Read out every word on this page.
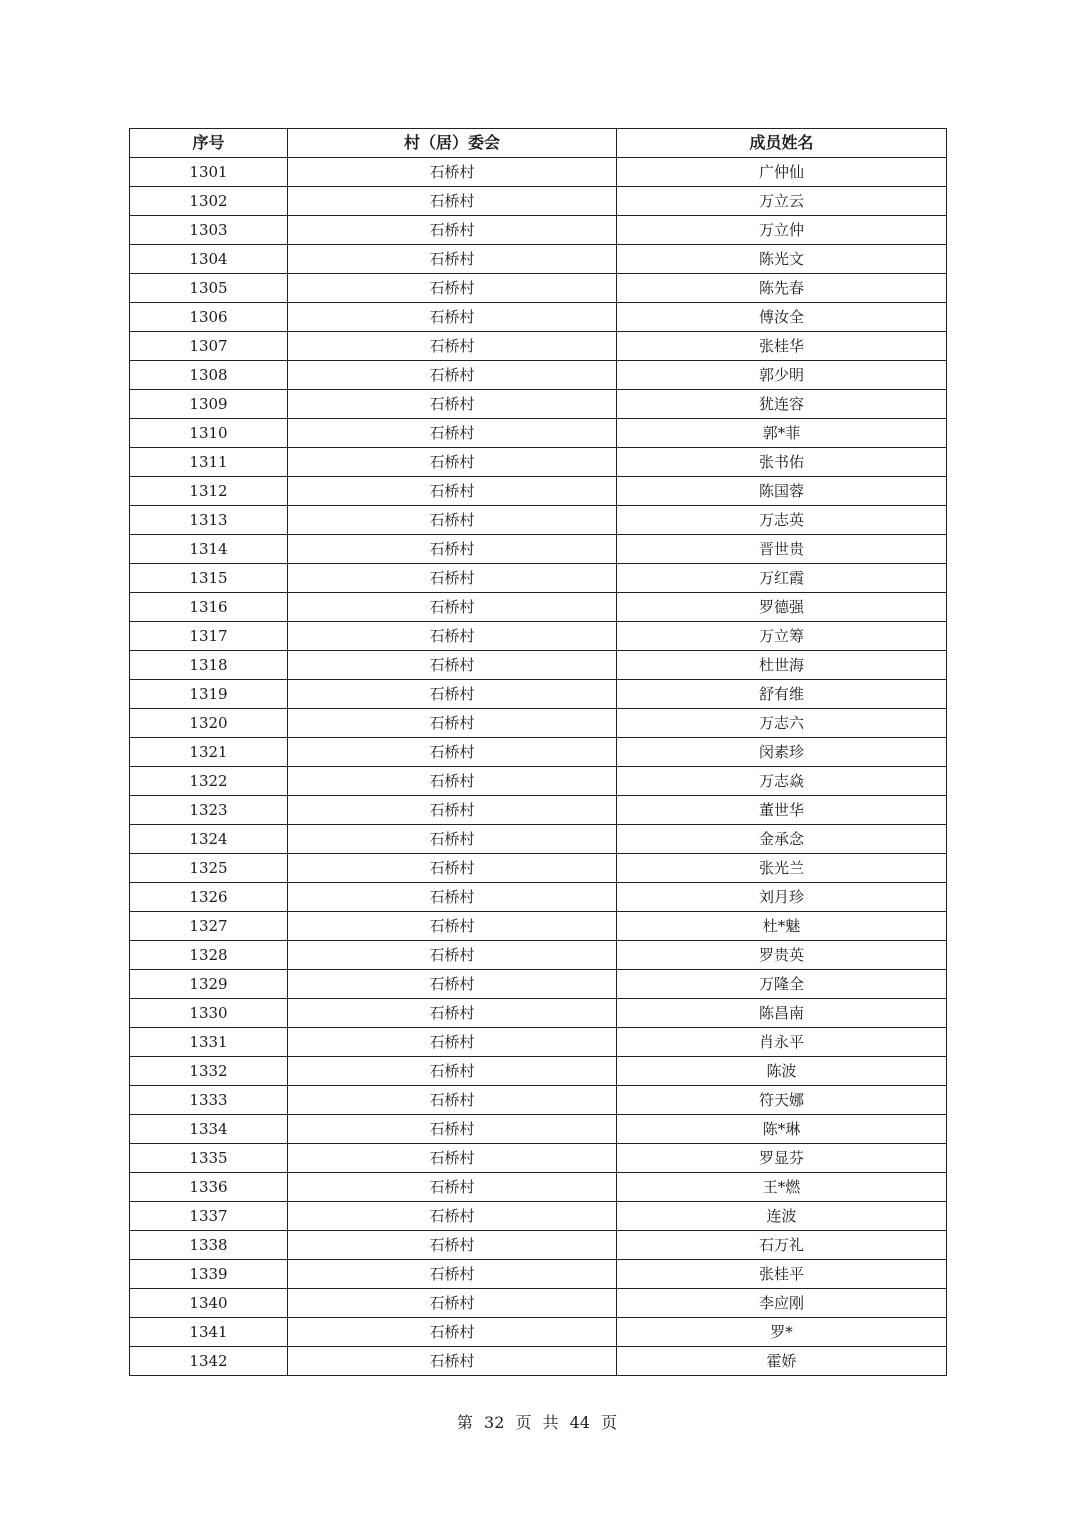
序号	村（居）委会	成员姓名
1301	石桥村	广仲仙
1302	石桥村	万立云
1303	石桥村	万立仲
1304	石桥村	陈光文
1305	石桥村	陈先春
1306	石桥村	傅汝全
1307	石桥村	张桂华
1308	石桥村	郭少明
1309	石桥村	犹连容
1310	石桥村	郭*菲
1311	石桥村	张书佑
1312	石桥村	陈国蓉
1313	石桥村	万志英
1314	石桥村	晋世贵
1315	石桥村	万红霞
1316	石桥村	罗德强
1317	石桥村	万立筹
1318	石桥村	杜世海
1319	石桥村	舒有维
1320	石桥村	万志六
1321	石桥村	闵素珍
1322	石桥村	万志焱
1323	石桥村	董世华
1324	石桥村	金承念
1325	石桥村	张光兰
1326	石桥村	刘月珍
1327	石桥村	杜*魅
1328	石桥村	罗贵英
1329	石桥村	万隆全
1330	石桥村	陈昌南
1331	石桥村	肖永平
1332	石桥村	陈波
1333	石桥村	符天娜
1334	石桥村	陈*琳
1335	石桥村	罗显芬
1336	石桥村	王*燃
1337	石桥村	连波
1338	石桥村	石万礼
1339	石桥村	张桂平
1340	石桥村	李应刚
1341	石桥村	罗*
1342	石桥村	霍娇
第 32 页 共 44 页
